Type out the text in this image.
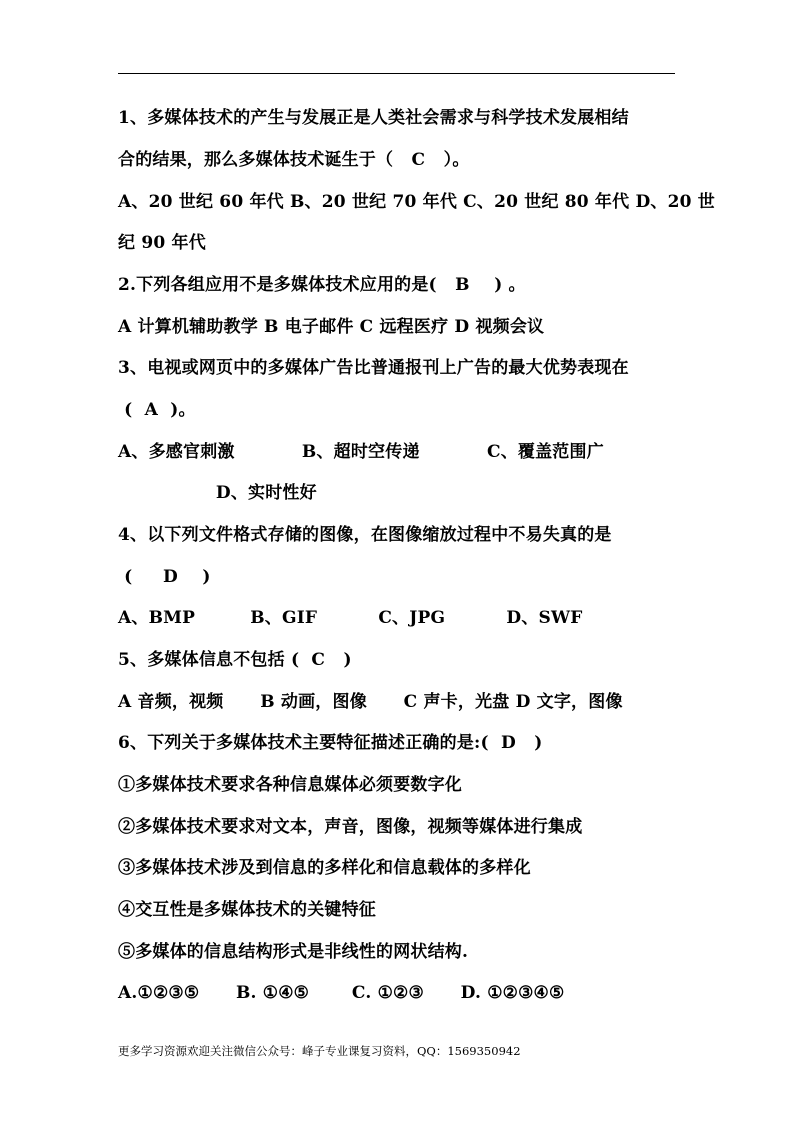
1、多媒体技术的产生与发展正是人类社会需求与科学技术发展相结
合的结果，那么多媒体技术诞生于（   C   ）。
A、20 世纪 60 年代 B、20 世纪 70 年代 C、20 世纪 80 年代 D、20 世
纪 90 年代
2.下列各组应用不是多媒体技术应用的是(   B    ) 。
A 计算机辅助教学 B 电子邮件 C 远程医疗 D 视频会议
3、电视或网页中的多媒体广告比普通报刊上广告的最大优势表现在
(  A  )。
A、多感官刺激           B、超时空传递           C、覆盖范围广
D、实时性好
4、以下列文件格式存储的图像，在图像缩放过程中不易失真的是
(     D    )
A、BMP         B、GIF          C、JPG          D、SWF
5、多媒体信息不包括 (  C   )
A 音频，视频      B 动画，图像      C 声卡，光盘 D 文字，图像
6、下列关于多媒体技术主要特征描述正确的是:(  D   )
①多媒体技术要求各种信息媒体必须要数字化
②多媒体技术要求对文本，声音，图像，视频等媒体进行集成
③多媒体技术涉及到信息的多样化和信息载体的多样化
④交互性是多媒体技术的关键特征
⑤多媒体的信息结构形式是非线性的网状结构.
A.①②③⑤      B. ①④⑤       C. ①②③      D. ①②③④⑤
更多学习资源欢迎关注微信公众号：峰子专业课复习资料，QQ：1569350942
